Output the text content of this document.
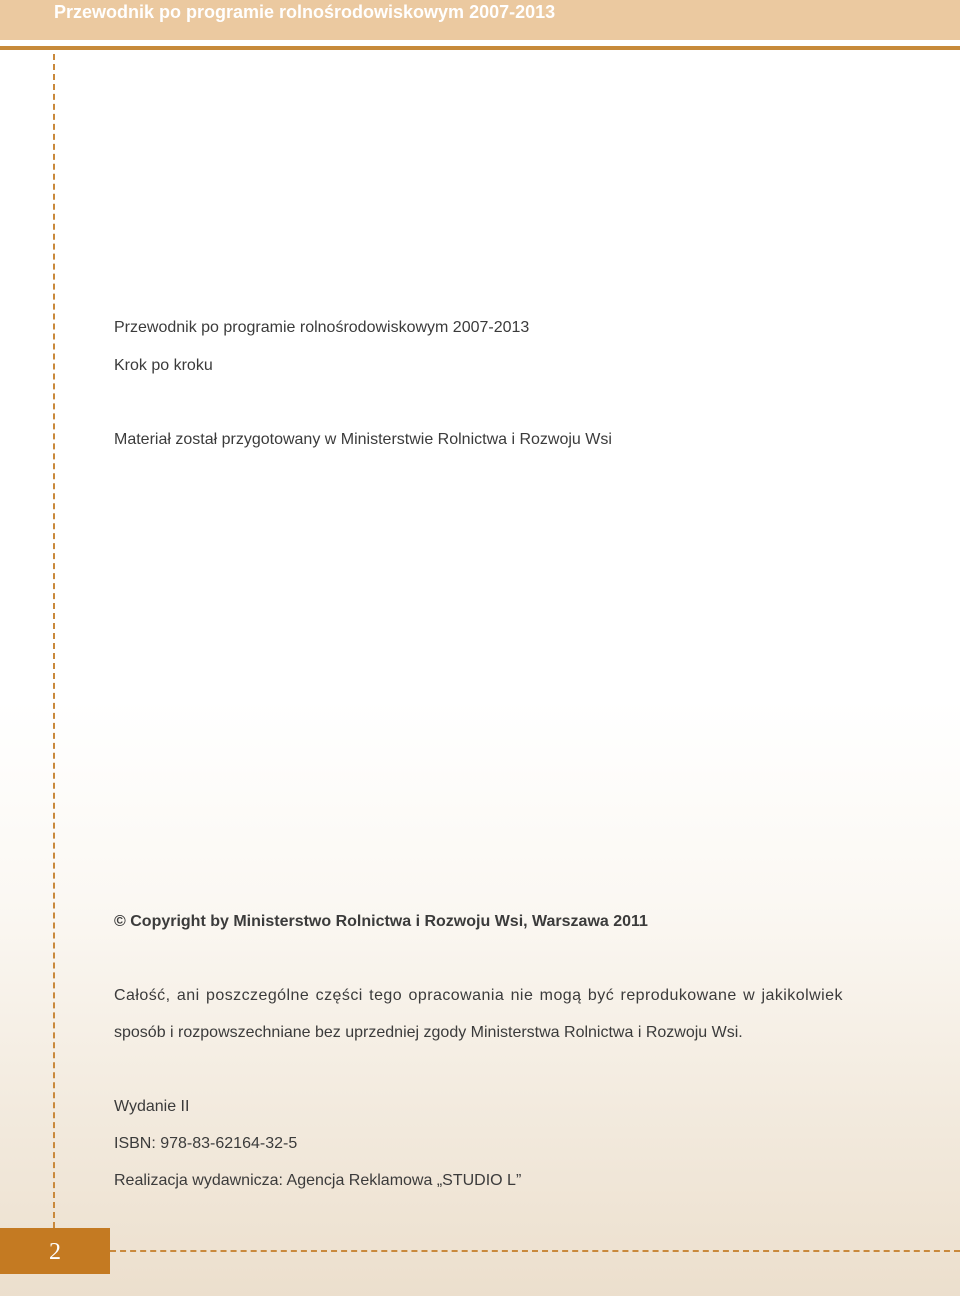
Przewodnik po programie rolnośrodowiskowym 2007-2013
Przewodnik po programie rolnośrodowiskowym 2007-2013
Krok po kroku
Materiał został przygotowany w Ministerstwie Rolnictwa i Rozwoju Wsi
© Copyright by Ministerstwo Rolnictwa i Rozwoju Wsi, Warszawa 2011
Całość, ani poszczególne części tego opracowania nie mogą być reprodukowane w jakikolwiek
sposób i rozpowszechniane bez uprzedniej zgody Ministerstwa Rolnictwa i Rozwoju Wsi.
Wydanie II
ISBN: 978-83-62164-32-5
Realizacja wydawnicza: Agencja Reklamowa „STUDIO L”
2
